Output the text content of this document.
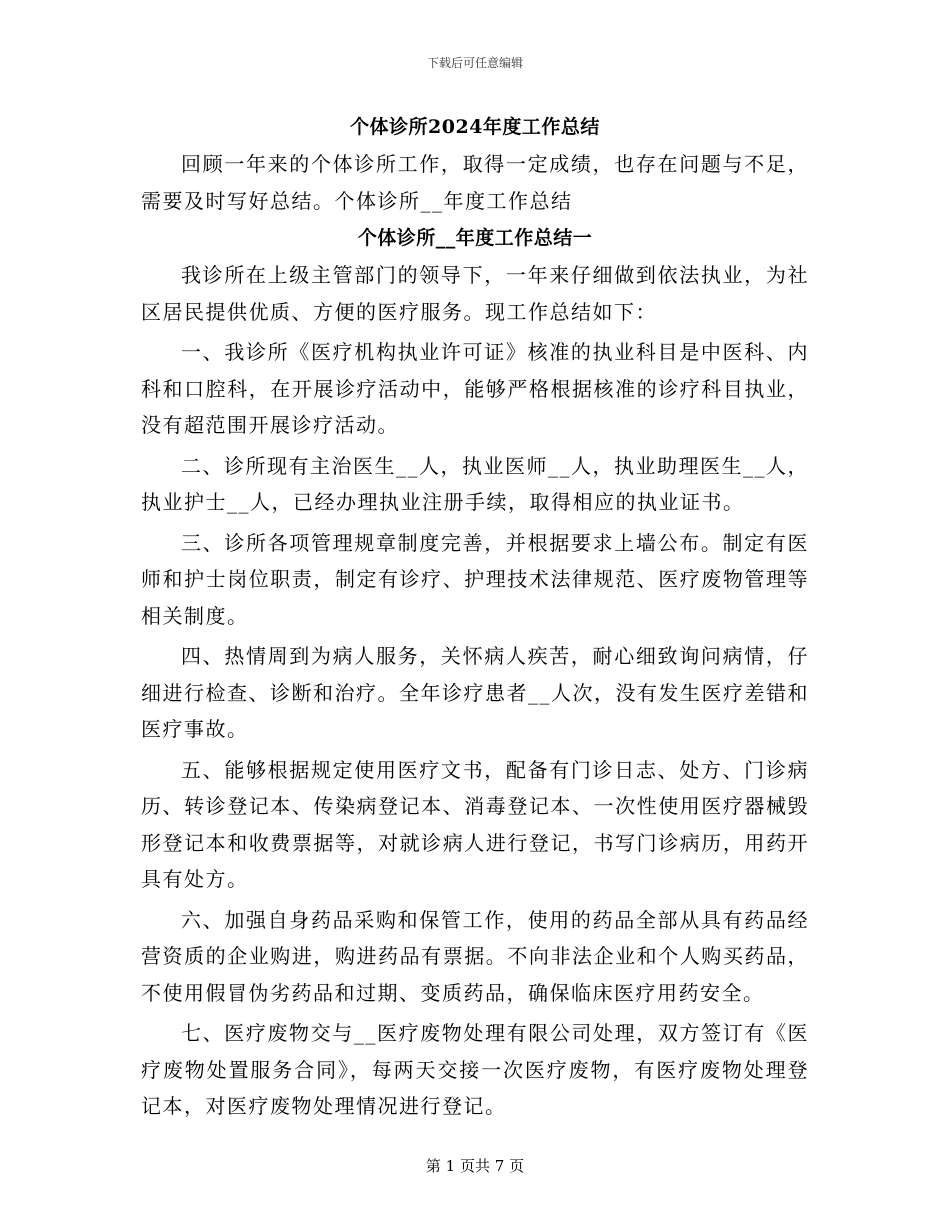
下载后可任意编辑
个体诊所2024年度工作总结

回顾一年来的个体诊所工作，取得一定成绩，也存在问题与不足，需要及时写好总结。个体诊所__年度工作总结

个体诊所__年度工作总结一

我诊所在上级主管部门的领导下，一年来仔细做到依法执业，为社区居民提供优质、方便的医疗服务。现工作总结如下：

一、我诊所《医疗机构执业许可证》核准的执业科目是中医科、内科和口腔科，在开展诊疗活动中，能够严格根据核准的诊疗科目执业，没有超范围开展诊疗活动。

二、诊所现有主治医生__人，执业医师__人，执业助理医生__人，执业护士__人，已经办理执业注册手续，取得相应的执业证书。

三、诊所各项管理规章制度完善，并根据要求上墙公布。制定有医师和护士岗位职责，制定有诊疗、护理技术法律规范、医疗废物管理等相关制度。

四、热情周到为病人服务，关怀病人疾苦，耐心细致询问病情，仔细进行检查、诊断和治疗。全年诊疗患者__人次，没有发生医疗差错和医疗事故。

五、能够根据规定使用医疗文书，配备有门诊日志、处方、门诊病历、转诊登记本、传染病登记本、消毒登记本、一次性使用医疗器械毁形登记本和收费票据等，对就诊病人进行登记，书写门诊病历，用药开具有处方。

六、加强自身药品采购和保管工作，使用的药品全部从具有药品经营资质的企业购进，购进药品有票据。不向非法企业和个人购买药品，不使用假冒伪劣药品和过期、变质药品，确保临床医疗用药安全。

七、医疗废物交与__医疗废物处理有限公司处理，双方签订有《医疗废物处置服务合同》，每两天交接一次医疗废物，有医疗废物处理登记本，对医疗废物处理情况进行登记。

第 1 页共 7 页
